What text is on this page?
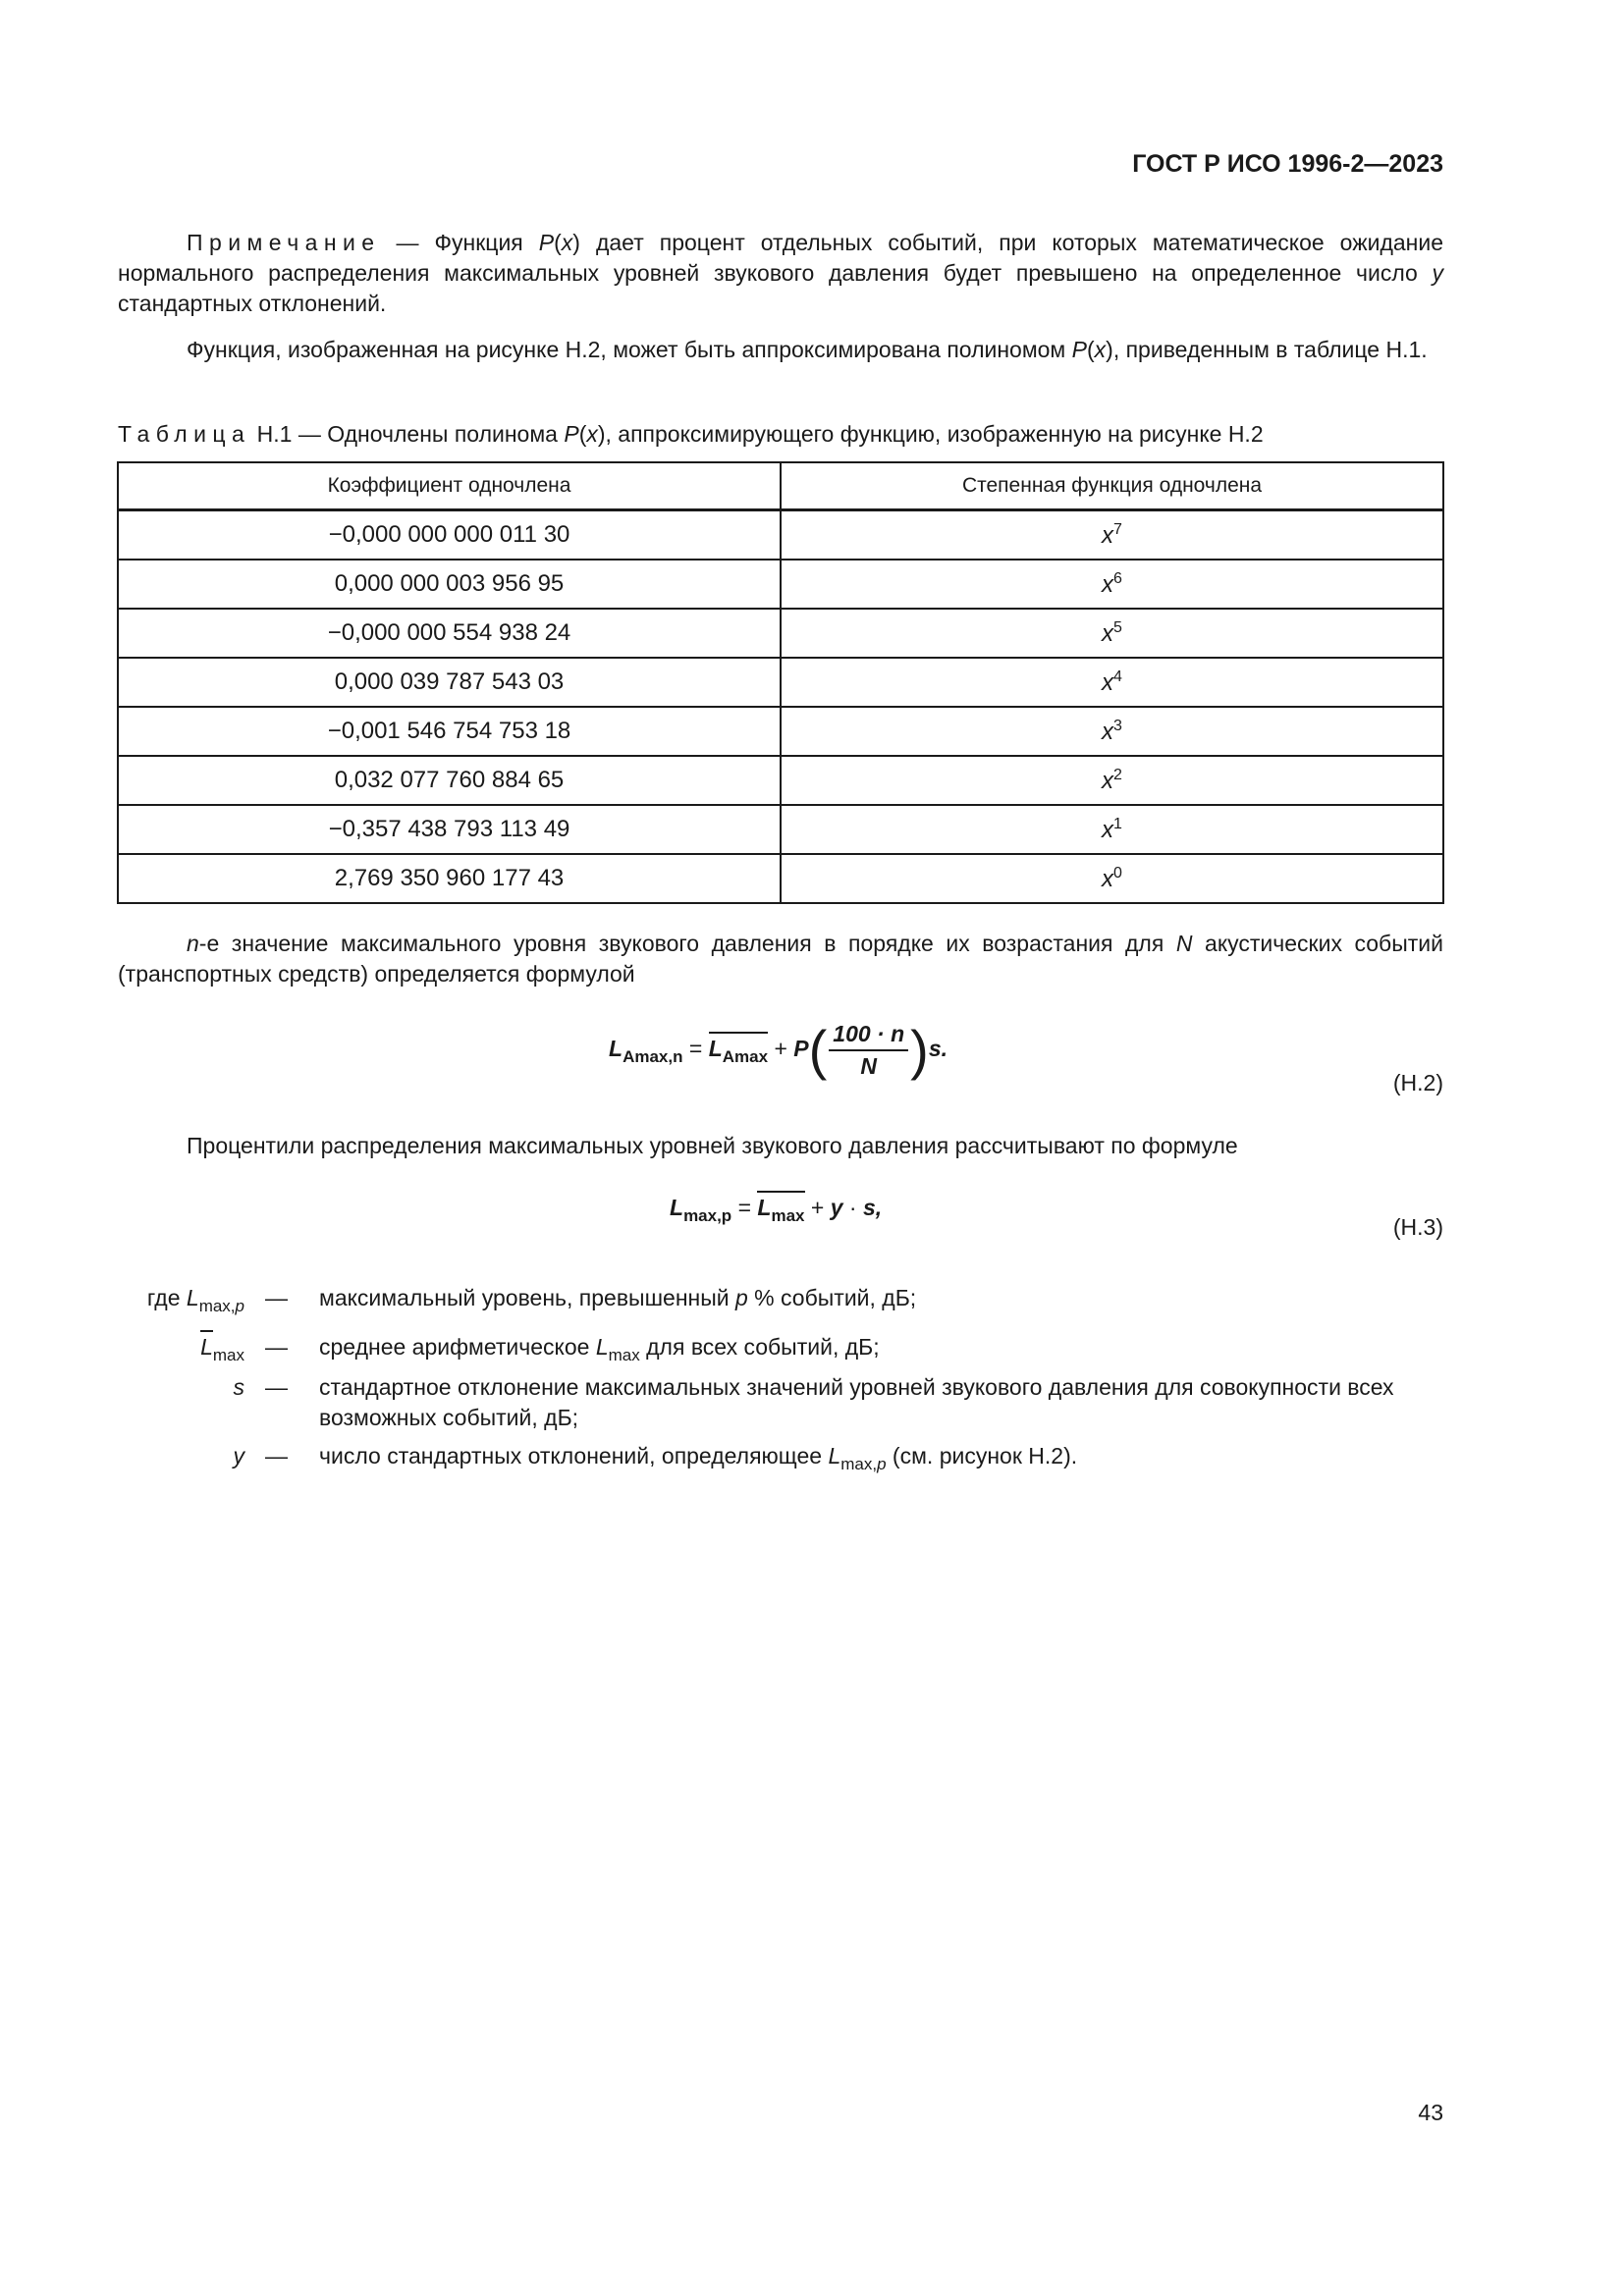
ГОСТ Р ИСО 1996-2—2023

Примечание — Функция P(x) дает процент отдельных событий, при которых математическое ожидание нормального распределения максимальных уровней звукового давления будет превышено на определенное число y стандартных отклонений.

Функция, изображенная на рисунке Н.2, может быть аппроксимирована полиномом P(x), приведенным в таблице Н.1.

Таблица Н.1 — Одночлены полинома P(x), аппроксимирующего функцию, изображенную на рисунке Н.2
Коэффициент одночлена	Степенная функция одночлена
−0,000 000 000 011 30	$x^7$
0,000 000 003 956 95	$x^6$
−0,000 000 554 938 24	$x^5$
0,000 039 787 543 03	$x^4$
−0,001 546 754 753 18	$x^3$
0,032 077 760 884 65	$x^2$
−0,357 438 793 113 49	$x^1$
2,769 350 960 177 43	$x^0$

n-е значение максимального уровня звукового давления в порядке их возрастания для N акустических событий (транспортных средств) определяется формулой

$L_{Amax,n} = L_{Amax} + P( \frac{100 \cdot n}{N} )s$.
(Н.2)

Процентили распределения максимальных уровней звукового давления рассчитывают по формуле

$L_{max,p} = L_{max} + y \cdot s$,
(Н.3)
где $L_{max,p}$ — максимальный уровень, превышенный p % событий, дБ;
$L_{max}$ — среднее арифметическое $L_{max}$ для всех событий, дБ;
s — стандартное отклонение максимальных значений уровней звукового давления для совокупности всех возможных событий, дБ;
y — число стандартных отклонений, определяющее $L_{max,p}$ (см. рисунок Н.2).
43
